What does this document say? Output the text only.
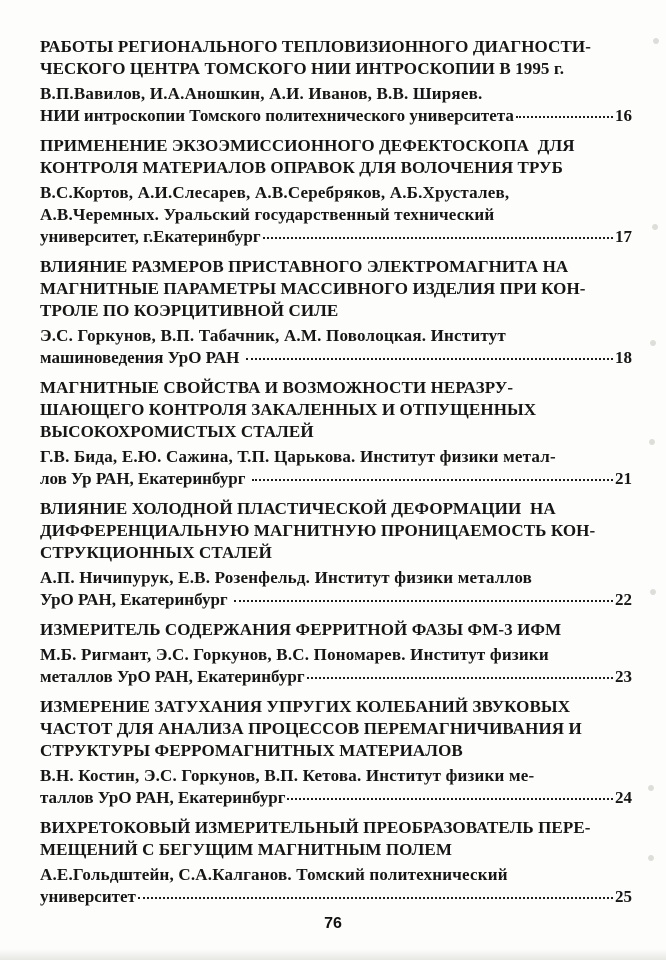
РАБОТЫ РЕГИОНАЛЬНОГО ТЕПЛОВИЗИОННОГО ДИАГНОСТИ-
ЧЕСКОГО ЦЕНТРА ТОМСКОГО НИИ ИНТРОСКОПИИ В 1995 г.
В.П.Вавилов, И.А.Аношкин, А.И. Иванов, В.В. Ширяев.
НИИ интроскопии Томского политехнического университета	16
ПРИМЕНЕНИЕ ЭКЗОЭМИССИОННОГО ДЕФЕКТОСКОПА  ДЛЯ
КОНТРОЛЯ МАТЕРИАЛОВ ОПРАВОК ДЛЯ ВОЛОЧЕНИЯ ТРУБ
В.С.Кортов, А.И.Слесарев, А.В.Серебряков, А.Б.Хрусталев,
А.В.Черемных. Уральский государственный технический
университет, г.Екатеринбург	17
ВЛИЯНИЕ РАЗМЕРОВ ПРИСТАВНОГО ЭЛЕКТРОМАГНИТА НА
МАГНИТНЫЕ ПАРАМЕТРЫ МАССИВНОГО ИЗДЕЛИЯ ПРИ КОН-
ТРОЛЕ ПО КОЭРЦИТИВНОЙ СИЛЕ
Э.С. Горкунов, В.П. Табачник, А.М. Поволоцкая. Институт
машиноведения УрО РАН	18
МАГНИТНЫЕ СВОЙСТВА И ВОЗМОЖНОСТИ НЕРАЗРУ-
ШАЮЩЕГО КОНТРОЛЯ ЗАКАЛЕННЫХ И ОТПУЩЕННЫХ
ВЫСОКОХРОМИСТЫХ СТАЛЕЙ
Г.В. Бида, Е.Ю. Сажина, Т.П. Царькова. Институт физики метал-
лов Ур РАН, Екатеринбург	21
ВЛИЯНИЕ ХОЛОДНОЙ ПЛАСТИЧЕСКОЙ ДЕФОРМАЦИИ  НА
ДИФФЕРЕНЦИАЛЬНУЮ МАГНИТНУЮ ПРОНИЦАЕМОСТЬ КОН-
СТРУКЦИОННЫХ СТАЛЕЙ
А.П. Ничипурук, Е.В. Розенфельд. Институт физики металлов
УрО РАН, Екатеринбург	22
ИЗМЕРИТЕЛЬ СОДЕРЖАНИЯ ФЕРРИТНОЙ ФАЗЫ ФМ-3 ИФМ
М.Б. Ригмант, Э.С. Горкунов, В.С. Пономарев. Институт физики
металлов УрО РАН, Екатеринбург	23
ИЗМЕРЕНИЕ ЗАТУХАНИЯ УПРУГИХ КОЛЕБАНИЙ ЗВУКОВЫХ
ЧАСТОТ ДЛЯ АНАЛИЗА ПРОЦЕССОВ ПЕРЕМАГНИЧИВАНИЯ И
СТРУКТУРЫ ФЕРРОМАГНИТНЫХ МАТЕРИАЛОВ
В.Н. Костин, Э.С. Горкунов, В.П. Кетова. Институт физики ме-
таллов УрО РАН, Екатеринбург	24
ВИХРЕТОКОВЫЙ ИЗМЕРИТЕЛЬНЫЙ ПРЕОБРАЗОВАТЕЛЬ ПЕРЕ-
МЕЩЕНИЙ С БЕГУЩИМ МАГНИТНЫМ ПОЛЕМ
А.Е.Гольдштейн, С.А.Калганов. Томский политехнический
университет	25
76
